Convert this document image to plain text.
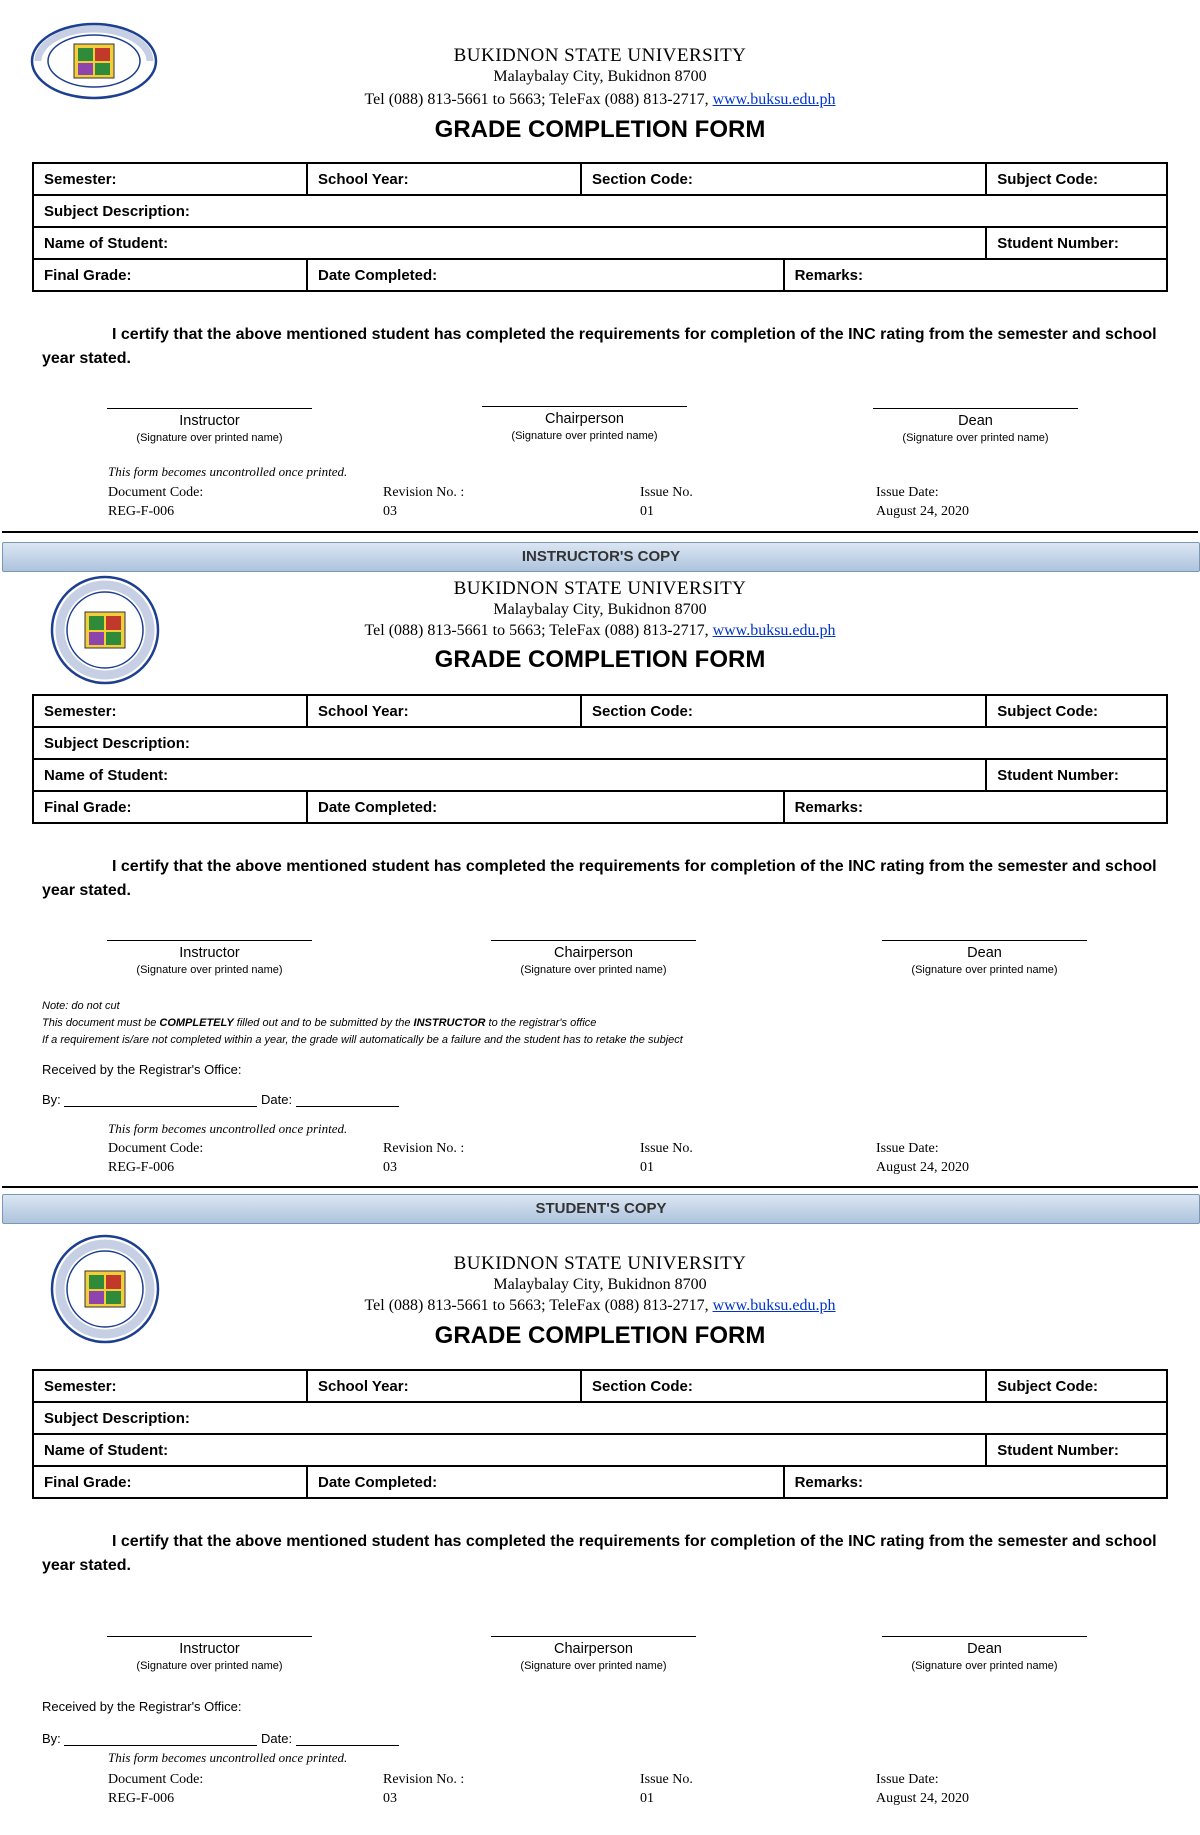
BUKIDNON STATE UNIVERSITY
Malaybalay City, Bukidnon 8700
Tel (088) 813-5661 to 5663; TeleFax (088) 813-2717, www.buksu.edu.ph
GRADE COMPLETION FORM
Semester:	School Year:	Section Code:		Subject Code:
Subject Description:				
Name of Student:				Student Number:
Final Grade:	Date Completed:		Remarks:	
I certify that the above mentioned student has completed the requirements for completion of the INC rating from the semester and school year stated.
Instructor
(Signature over printed name)
Chairperson
(Signature over printed name)
Dean
(Signature over printed name)
This form becomes uncontrolled once printed.
Document Code:
REG-F-006
Revision No. :
03
Issue No.
01
Issue Date:
August 24, 2020
INSTRUCTOR'S COPY
BUKIDNON STATE UNIVERSITY
Malaybalay City, Bukidnon 8700
Tel (088) 813-5661 to 5663; TeleFax (088) 813-2717, www.buksu.edu.ph
GRADE COMPLETION FORM
Semester:	School Year:	Section Code:		Subject Code:
Subject Description:				
Name of Student:				Student Number:
Final Grade:	Date Completed:		Remarks:	
I certify that the above mentioned student has completed the requirements for completion of the INC rating from the semester and school year stated.
Instructor
(Signature over printed name)
Chairperson
(Signature over printed name)
Dean
(Signature over printed name)
Note: do not cut
This document must be COMPLETELY filled out and to be submitted by the INSTRUCTOR to the registrar's office
If a requirement is/are not completed within a year, the grade will automatically be a failure and the student has to retake the subject
Received by the Registrar's Office:
By:	Date:
This form becomes uncontrolled once printed.
Document Code:
REG-F-006
Revision No. :
03
Issue No.
01
Issue Date:
August 24, 2020
STUDENT'S COPY
BUKIDNON STATE UNIVERSITY
Malaybalay City, Bukidnon 8700
Tel (088) 813-5661 to 5663; TeleFax (088) 813-2717, www.buksu.edu.ph
GRADE COMPLETION FORM
Semester:	School Year:	Section Code:		Subject Code:
Subject Description:				
Name of Student:				Student Number:
Final Grade:	Date Completed:		Remarks:	
I certify that the above mentioned student has completed the requirements for completion of the INC rating from the semester and school year stated.
Instructor
(Signature over printed name)
Chairperson
(Signature over printed name)
Dean
(Signature over printed name)
Received by the Registrar's Office:
By:	Date:
This form becomes uncontrolled once printed.
Document Code:
REG-F-006
Revision No. :
03
Issue No.
01
Issue Date:
August 24, 2020
